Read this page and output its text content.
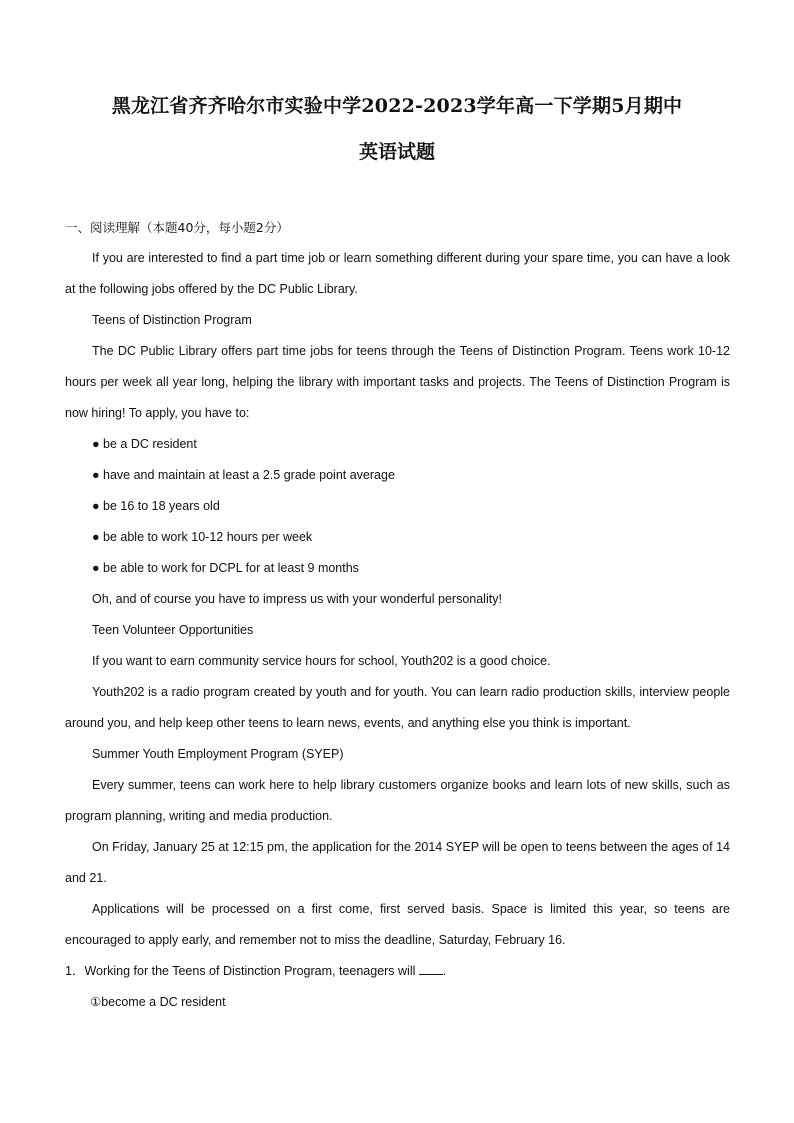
黑龙江省齐齐哈尔市实验中学2022-2023学年高一下学期5月期中
英语试题

一、阅读理解（本题40分，每小题2分）

If you are interested to find a part time job or learn something different during your spare time, you can have a look at the following jobs offered by the DC Public Library.

Teens of Distinction Program

The DC Public Library offers part time jobs for teens through the Teens of Distinction Program. Teens work 10-12 hours per week all year long, helping the library with important tasks and projects. The Teens of Distinction Program is now hiring! To apply, you have to:

● be a DC resident

● have and maintain at least a 2.5 grade point average

● be 16 to 18 years old

● be able to work 10-12 hours per week

● be able to work for DCPL for at least 9 months

Oh, and of course you have to impress us with your wonderful personality!

Teen Volunteer Opportunities

If you want to earn community service hours for school, Youth202 is a good choice.

Youth202 is a radio program created by youth and for youth. You can learn radio production skills, interview people around you, and help keep other teens to learn news, events, and anything else you think is important.

Summer Youth Employment Program (SYEP)

Every summer, teens can work here to help library customers organize books and learn lots of new skills, such as program planning, writing and media production.

On Friday, January 25 at 12:15 pm, the application for the 2014 SYEP will be open to teens between the ages of 14 and 21.

Applications will be processed on a first come, first served basis. Space is limited this year, so teens are encouraged to apply early, and remember not to miss the deadline, Saturday, February 16.

1．Working for the Teens of Distinction Program, teenagers will .

①become a DC resident
